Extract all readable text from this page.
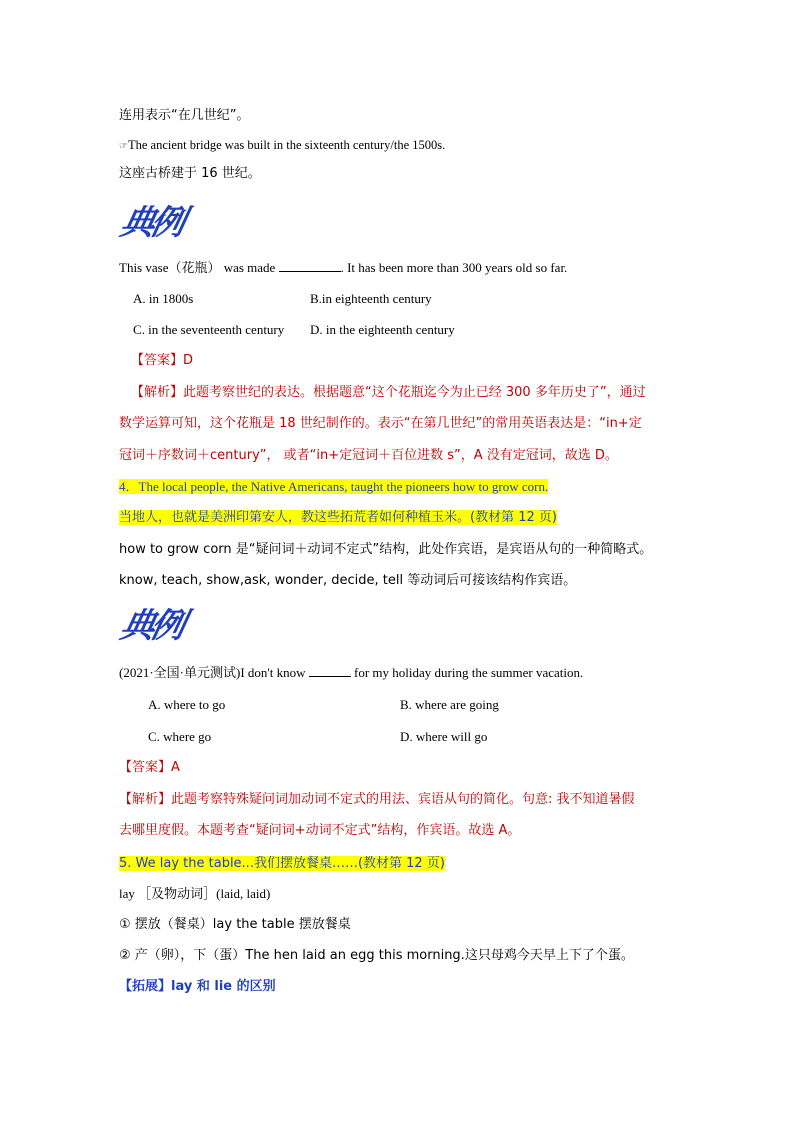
连用表示“在几世纪”。
☞The ancient bridge was built in the sixteenth century/the 1500s.
这座古桥建于 16 世纪。
典例
This vase（花瓶） was made	. It has been more than 300 years old so far.
A. in 1800s	B.in eighteenth century
C. in the seventeenth century D. in the eighteenth century
【答案】D
【解析】此题考察世纪的表达。根据题意“这个花瓶迄今为止已经 300 多年历史了”，通过
数学运算可知，这个花瓶是 18 世纪制作的。表示“在第几世纪”的常用英语表达是：“in+定
冠词＋序数词＋century”， 或者“in+定冠词＋百位进数 s”，A 没有定冠词，故选 D。
4．The local people, the Native Americans, taught the pioneers how to grow corn.
当地人，也就是美洲印第安人，教这些拓荒者如何种植玉米。(教材第 12 页)
how to grow corn 是“疑问词＋动词不定式”结构，此处作宾语，是宾语从句的一种简略式。
know, teach, show,ask, wonder, decide, tell 等动词后可接该结构作宾语。
典例
(2021·全国·单元测试)I don't know	for my holiday during the summer vacation.
A. where to go	B. where are going
C. where go	D. where will go
【答案】A
【解析】此题考察特殊疑问词加动词不定式的用法、宾语从句的简化。句意: 我不知道暑假
去哪里度假。本题考查“疑问词+动词不定式”结构，作宾语。故选 A。
5. We lay the table...我们摆放餐桌……(教材第 12 页)
lay ［及物动词］(laid, laid)
① 摆放（餐桌）lay the table 摆放餐桌
② 产（卵），下（蛋）The hen laid an egg this morning.这只母鸡今天早上下了个蛋。
【拓展】lay 和 lie 的区别
